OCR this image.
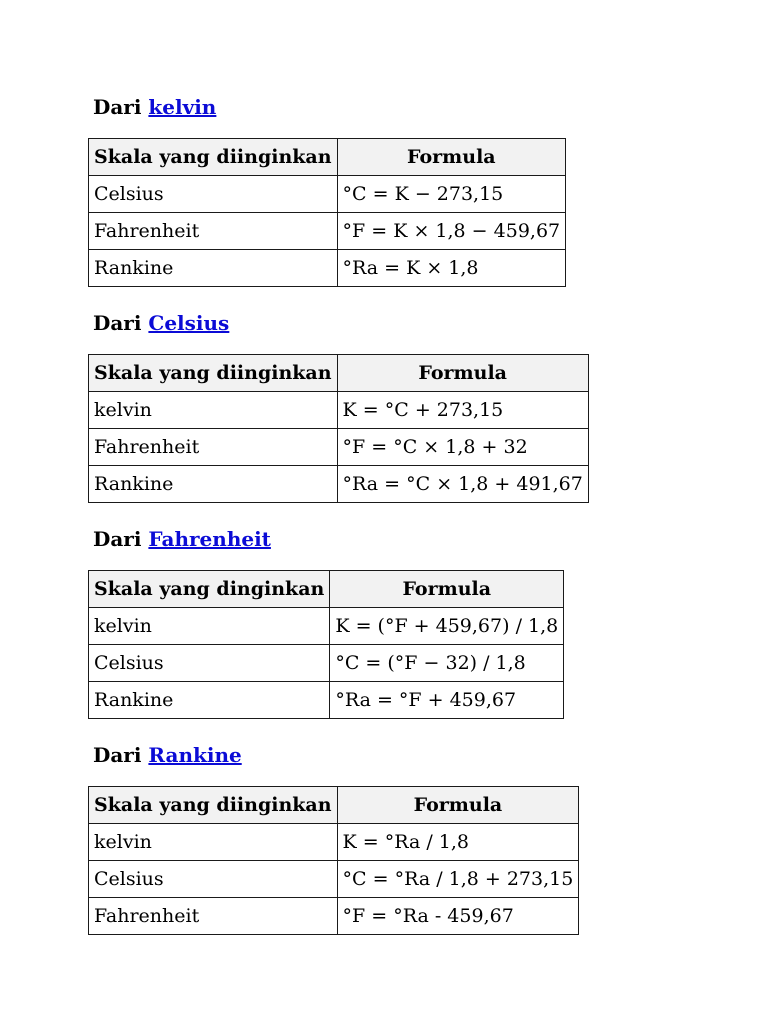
Dari kelvin
Skala yang diinginkan	Formula
Celsius	°C = K − 273,15
Fahrenheit	°F = K × 1,8 − 459,67
Rankine	°Ra = K × 1,8
Dari Celsius
Skala yang diinginkan	Formula
kelvin	K = °C + 273,15
Fahrenheit	°F = °C × 1,8 + 32
Rankine	°Ra = °C × 1,8 + 491,67
Dari Fahrenheit
Skala yang dinginkan	Formula
kelvin	K = (°F + 459,67) / 1,8
Celsius	°C = (°F − 32) / 1,8
Rankine	°Ra = °F + 459,67
Dari Rankine
Skala yang diinginkan	Formula
kelvin	K = °Ra / 1,8
Celsius	°C = °Ra / 1,8 + 273,15
Fahrenheit	°F = °Ra - 459,67
